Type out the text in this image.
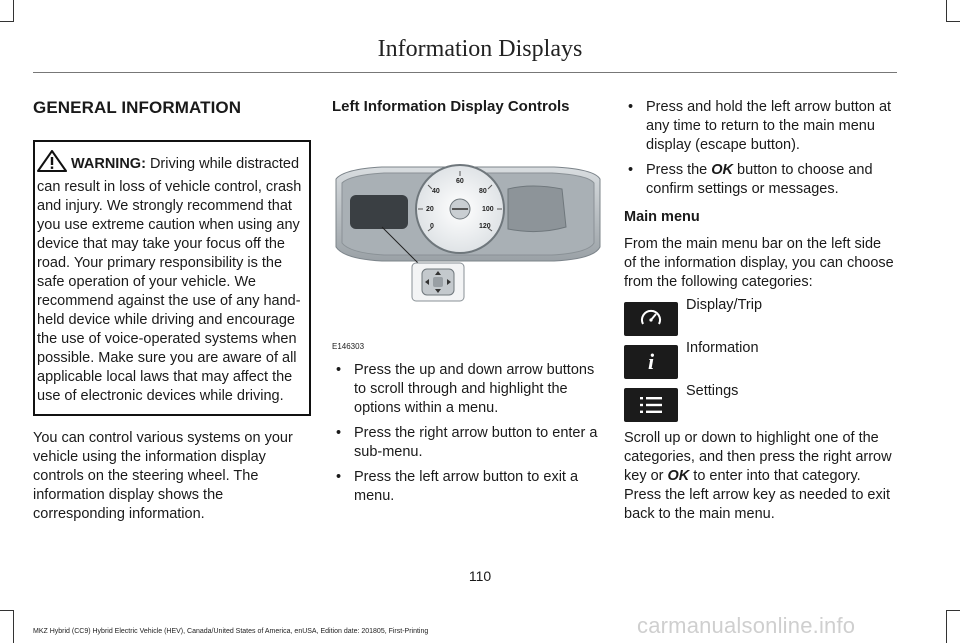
Information Displays
GENERAL INFORMATION
WARNING: Driving while distracted can result in loss of vehicle control, crash and injury. We strongly recommend that you use extreme caution when using any device that may take your focus off the road. Your primary responsibility is the safe operation of your vehicle. We recommend against the use of any hand-held device while driving and encourage the use of voice-operated systems when possible. Make sure you are aware of all applicable local laws that may affect the use of electronic devices while driving.

You can control various systems on your vehicle using the information display controls on the steering wheel. The information display shows the corresponding information.

Left Information Display Controls
0
20
40
60
80
100
120
E146303
• Press the up and down arrow buttons to scroll through and highlight the options within a menu.
• Press the right arrow button to enter a sub-menu.
• Press the left arrow button to exit a menu.
• Press and hold the left arrow button at any time to return to the main menu display (escape button).
• Press the OK button to choose and confirm settings or messages.
Main menu

From the main menu bar on the left side of the information display, you can choose from the following categories:

Display/Trip
i
Information
Settings

Scroll up or down to highlight one of the categories, and then press the right arrow key or OK to enter into that category. Press the left arrow key as needed to exit back to the main menu.

110
MKZ Hybrid (CC9) Hybrid Electric Vehicle (HEV), Canada/United States of America, enUSA, Edition date: 201805, First-Printing	carmanualsonline.info
